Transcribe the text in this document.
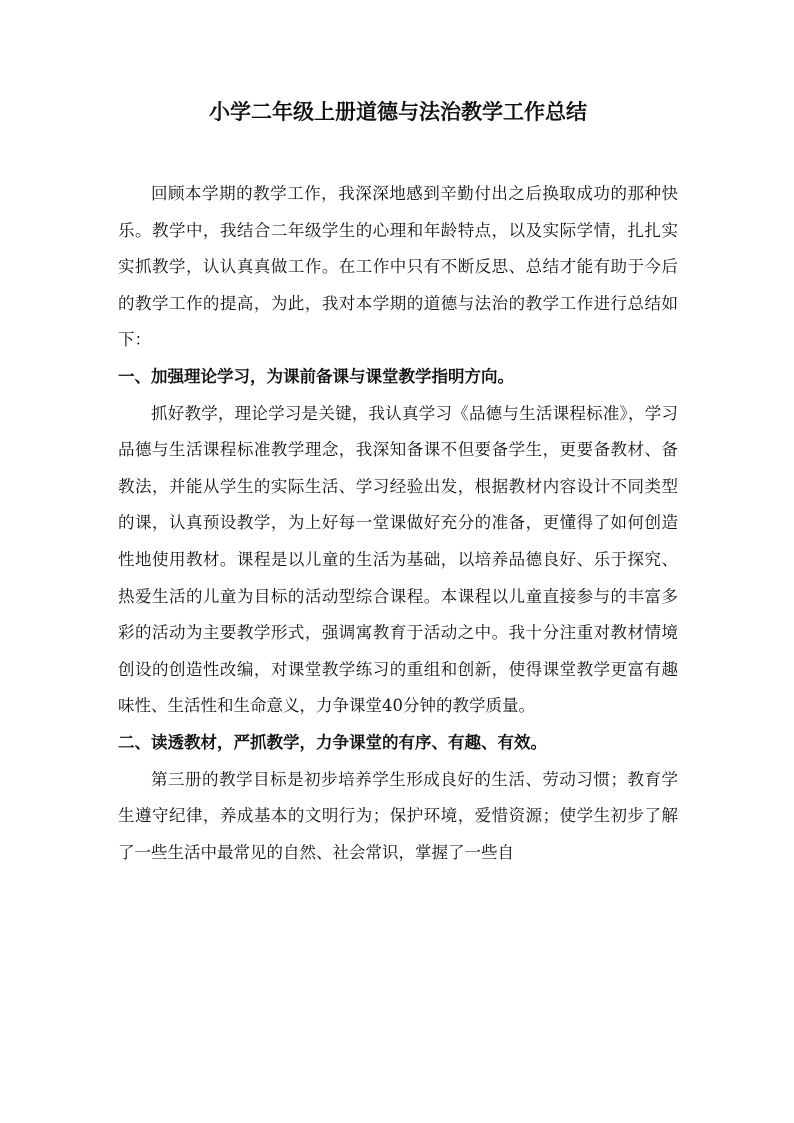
小学二年级上册道德与法治教学工作总结

回顾本学期的教学工作，我深深地感到辛勤付出之后换取成功的那种快乐。教学中，我结合二年级学生的心理和年龄特点，以及实际学情，扎扎实实抓教学，认认真真做工作。在工作中只有不断反思、总结才能有助于今后的教学工作的提高，为此，我对本学期的道德与法治的教学工作进行总结如下：

一、加强理论学习，为课前备课与课堂教学指明方向。

抓好教学，理论学习是关键，我认真学习《品德与生活课程标准》，学习品德与生活课程标准教学理念，我深知备课不但要备学生，更要备教材、备教法，并能从学生的实际生活、学习经验出发，根据教材内容设计不同类型的课，认真预设教学，为上好每一堂课做好充分的准备，更懂得了如何创造性地使用教材。课程是以儿童的生活为基础，以培养品德良好、乐于探究、热爱生活的儿童为目标的活动型综合课程。本课程以儿童直接参与的丰富多彩的活动为主要教学形式，强调寓教育于活动之中。我十分注重对教材情境创设的创造性改编，对课堂教学练习的重组和创新，使得课堂教学更富有趣味性、生活性和生命意义，力争课堂40分钟的教学质量。

二、读透教材，严抓教学，力争课堂的有序、有趣、有效。

第三册的教学目标是初步培养学生形成良好的生活、劳动习惯；教育学生遵守纪律，养成基本的文明行为；保护环境，爱惜资源；使学生初步了解了一些生活中最常见的自然、社会常识，掌握了一些自
